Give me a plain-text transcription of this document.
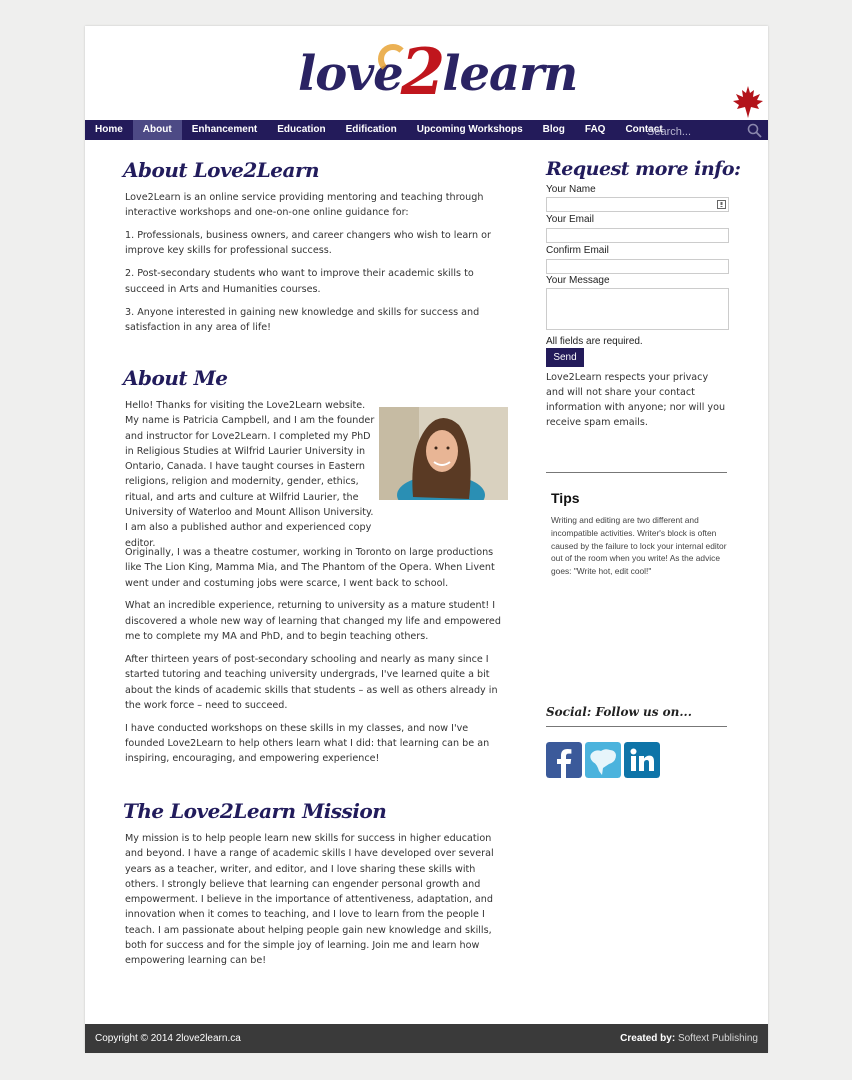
love
2
learn
Home	About	Enhancement	Education	Edification	Upcoming Workshops	Blog	FAQ	Contact
Search...
About Love2Learn

Love2Learn is an online service providing mentoring and teaching through interactive workshops and one-on-one online guidance for:

1. Professionals, business owners, and career changers who wish to learn or improve key skills for professional success.

2. Post-secondary students who want to improve their academic skills to succeed in Arts and Humanities courses.

3. Anyone interested in gaining new knowledge and skills for success and satisfaction in any area of life!

About Me
Hello! Thanks for visiting the Love2Learn website. My name is Patricia Campbell, and I am the founder and instructor for Love2Learn. I completed my PhD in Religious Studies at Wilfrid Laurier University in Ontario, Canada. I have taught courses in Eastern religions, religion and modernity, gender, ethics, ritual, and arts and culture at Wilfrid Laurier, the University of Waterloo and Mount Allison University. I am also a published author and experienced copy editor.

Originally, I was a theatre costumer, working in Toronto on large productions like The Lion King, Mamma Mia, and The Phantom of the Opera. When Livent went under and costuming jobs were scarce, I went back to school.

What an incredible experience, returning to university as a mature student! I discovered a whole new way of learning that changed my life and empowered me to complete my MA and PhD, and to begin teaching others.

After thirteen years of post-secondary schooling and nearly as many since I started tutoring and teaching university undergrads, I've learned quite a bit about the kinds of academic skills that students – as well as others already in the work force – need to succeed.

I have conducted workshops on these skills in my classes, and now I've founded Love2Learn to help others learn what I did: that learning can be an inspiring, encouraging, and empowering experience!

The Love2Learn Mission
My mission is to help people learn new skills for success in higher education and beyond. I have a range of academic skills I have developed over several years as a teacher, writer, and editor, and I love sharing these skills with others. I strongly believe that learning can engender personal growth and empowerment. I believe in the importance of attentiveness, adaptation, and innovation when it comes to teaching, and I love to learn from the people I teach. I am passionate about helping people gain new knowledge and skills, both for success and for the simple joy of learning. Join me and learn how empowering learning can be!
Request more info:
Your Name
Your Email
Confirm Email
Your Message
All fields are required.
Send
Love2Learn respects your privacy and will not share your contact information with anyone; nor will you receive spam emails.
Tips
Writing and editing are two different and incompatible activities. Writer's block is often caused by the failure to lock your internal editor out of the room when you write! As the advice goes: "Write hot, edit cool!"
Social: Follow us on...
Copyright © 2014 2love2learn.ca	Created by: Softext Publishing
